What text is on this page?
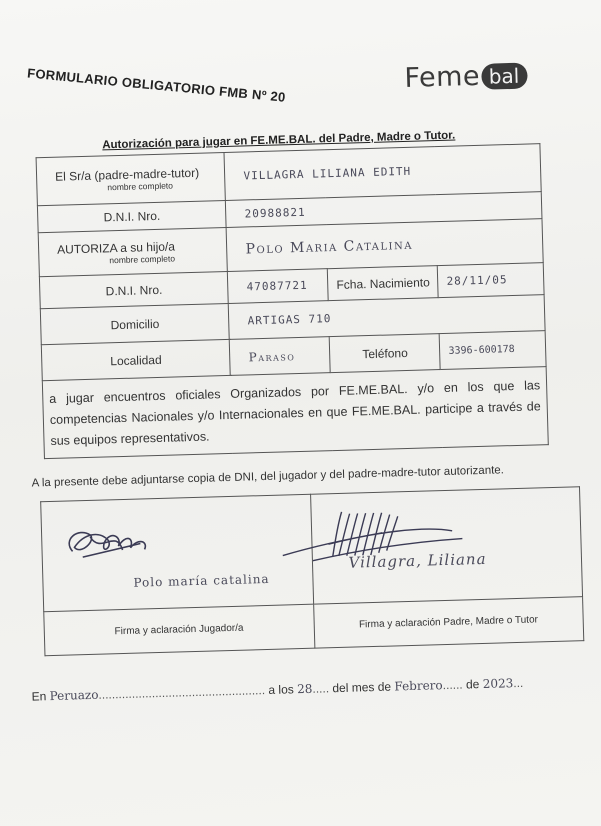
FORMULARIO OBLIGATORIO FMB Nº 20	Feme bal
Autorización para jugar en FE.ME.BAL. del Padre, Madre o Tutor.
El Sr/a (padre-madre-tutor)
nombre completo	VILLAGRA LILIANA EDITH		
D.N.I. Nro.	20988821		
AUTORIZA a su hijo/a
nombre completo	Polo Maria Catalina		
D.N.I. Nro.	47087721	Fcha. Nacimiento	28/11/05
Domicilio	ARTIGAS 710		
Localidad	Paraso	Teléfono	3396-600178
a jugar encuentros oficiales Organizados por FE.ME.BAL. y/o en los que las competencias Nacionales y/o Internacionales en que FE.ME.BAL. participe a través de sus equipos representativos.			
A la presente debe adjuntarse copia de DNI, del jugador y del padre-madre-tutor autorizante.
Polo maría catalina	Villagra, Liliana

Firma y aclaración Jugador/a	Firma y aclaración Padre, Madre o Tutor
En Peruazo.................................................. a los 28..... del mes de Febrero...... de 2023...
